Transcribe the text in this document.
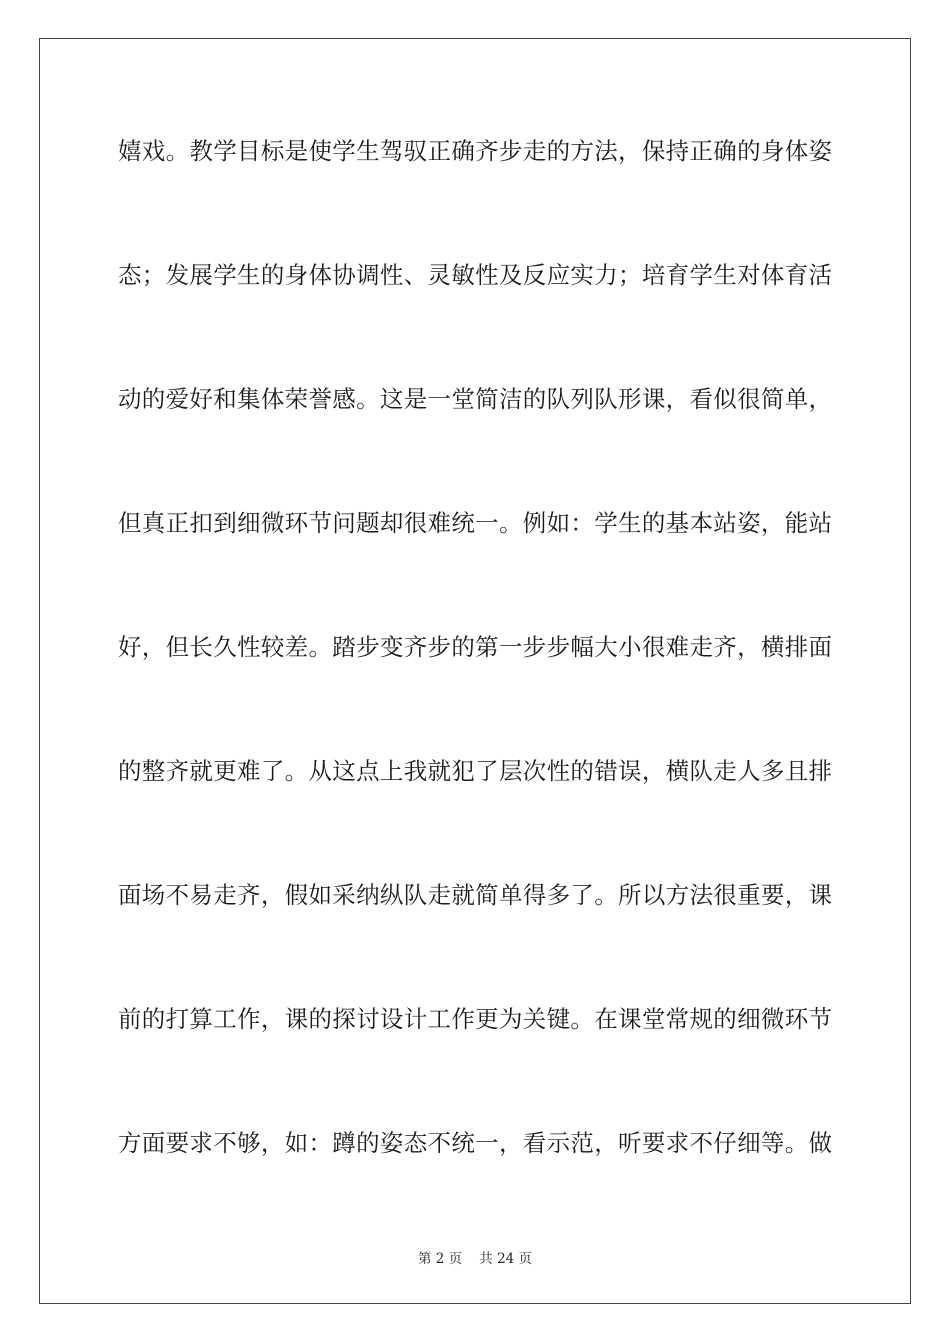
嬉戏。教学目标是使学生驾驭正确齐步走的方法，保持正确的身体姿
态；发展学生的身体协调性、灵敏性及反应实力；培育学生对体育活
动的爱好和集体荣誉感。这是一堂简洁的队列队形课，看似很简单，
但真正扣到细微环节问题却很难统一。例如：学生的基本站姿，能站
好，但长久性较差。踏步变齐步的第一步步幅大小很难走齐，横排面
的整齐就更难了。从这点上我就犯了层次性的错误，横队走人多且排
面场不易走齐，假如采纳纵队走就简单得多了。所以方法很重要，课
前的打算工作，课的探讨设计工作更为关键。在课堂常规的细微环节
方面要求不够，如：蹲的姿态不统一，看示范，听要求不仔细等。做
第 2 页    共 24 页
